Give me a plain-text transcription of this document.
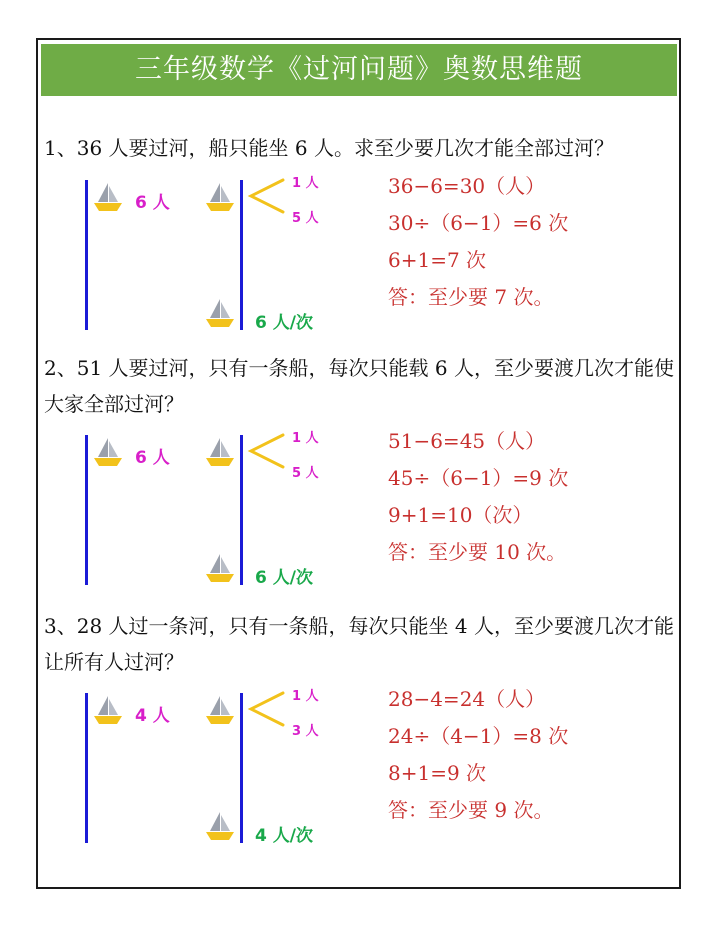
三年级数学《过河问题》奥数思维题

1、36 人要过河，船只能坐 6 人。求至少要几次才能全部过河？

6 人
1 人
5 人
6 人/次
36−6=30（人）
30÷（6−1）=6 次
6+1=7 次
答：至少要 7 次。

2、51 人要过河，只有一条船，每次只能载 6 人，至少要渡几次才能使大家全部过河？

6 人
1 人
5 人
6 人/次
51−6=45（人）
45÷（6−1）=9 次
9+1=10（次）
答：至少要 10 次。

3、28 人过一条河，只有一条船，每次只能坐 4 人，至少要渡几次才能让所有人过河？

4 人
1 人
3 人
4 人/次
28−4=24（人）
24÷（4−1）=8 次
8+1=9 次
答：至少要 9 次。
